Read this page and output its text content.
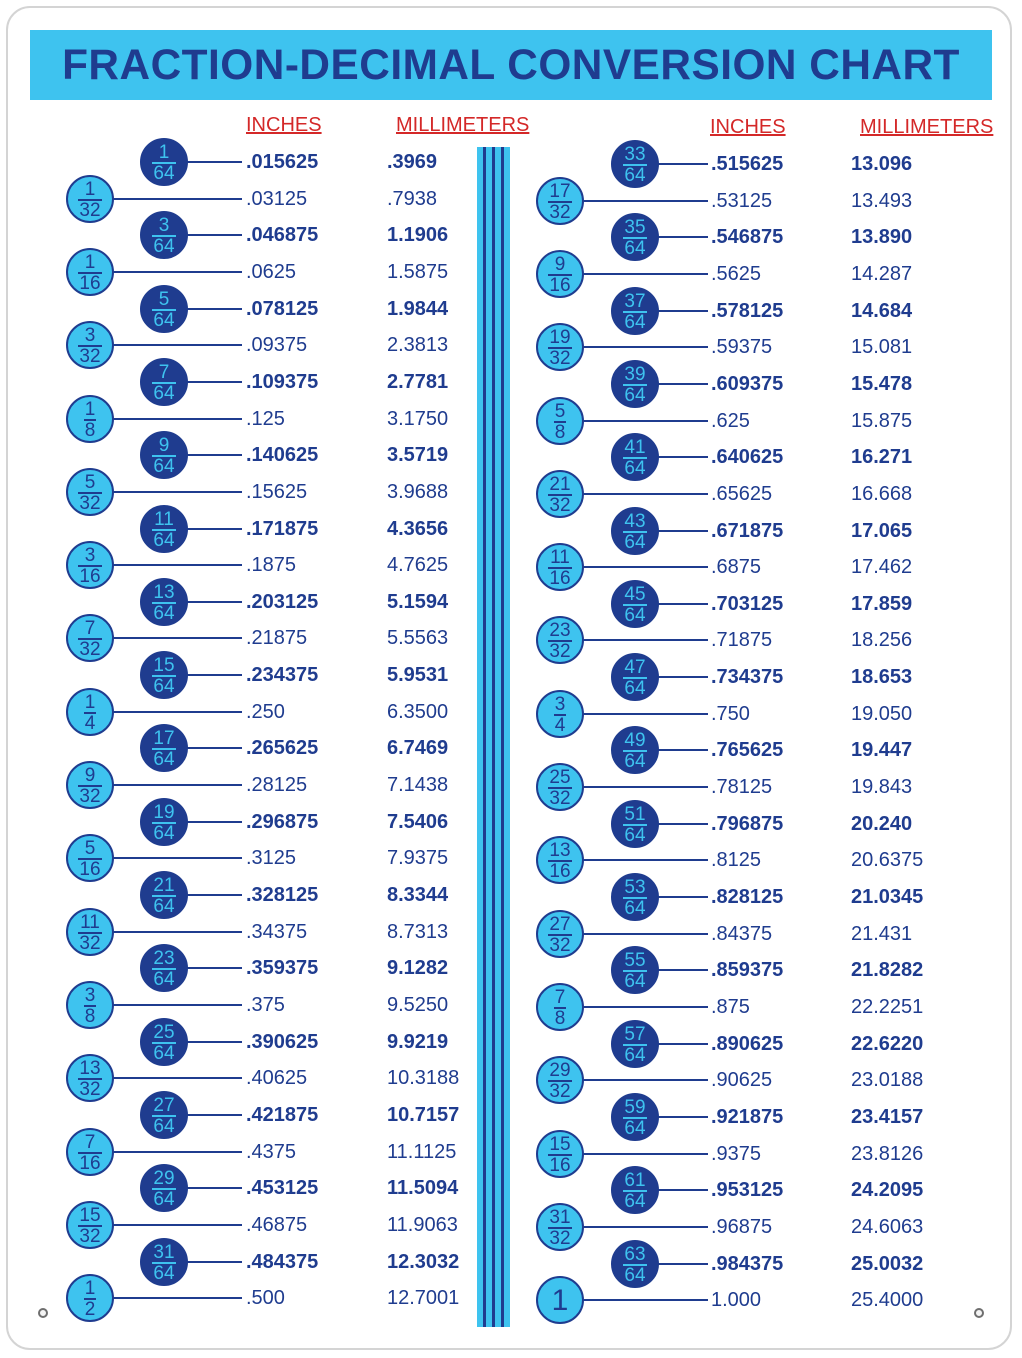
FRACTION-DECIMAL CONVERSION CHART
INCHES	MILLIMETERS	INCHES	MILLIMETERS
$\frac{1}{64}$	.015625	.3969
$\frac{1}{32}$	.03125	.7938
$\frac{3}{64}$	.046875	1.1906
$\frac{1}{16}$	.0625	1.5875
$\frac{5}{64}$	.078125	1.9844
$\frac{3}{32}$	.09375	2.3813
$\frac{7}{64}$	.109375	2.7781
$\frac{1}{8}$	.125	3.1750
$\frac{9}{64}$	.140625	3.5719
$\frac{5}{32}$	.15625	3.9688
$\frac{11}{64}$	.171875	4.3656
$\frac{3}{16}$	.1875	4.7625
$\frac{13}{64}$	.203125	5.1594
$\frac{7}{32}$	.21875	5.5563
$\frac{15}{64}$	.234375	5.9531
$\frac{1}{4}$	.250	6.3500
$\frac{17}{64}$	.265625	6.7469
$\frac{9}{32}$	.28125	7.1438
$\frac{19}{64}$	.296875	7.5406
$\frac{5}{16}$	.3125	7.9375
$\frac{21}{64}$	.328125	8.3344
$\frac{11}{32}$	.34375	8.7313
$\frac{23}{64}$	.359375	9.1282
$\frac{3}{8}$	.375	9.5250
$\frac{25}{64}$	.390625	9.9219
$\frac{13}{32}$	.40625	10.3188
$\frac{27}{64}$	.421875	10.7157
$\frac{7}{16}$	.4375	11.1125
$\frac{29}{64}$	.453125	11.5094
$\frac{15}{32}$	.46875	11.9063
$\frac{31}{64}$	.484375	12.3032
$\frac{1}{2}$	.500	12.7001
$\frac{33}{64}$	.515625	13.096
$\frac{17}{32}$	.53125	13.493
$\frac{35}{64}$	.546875	13.890
$\frac{9}{16}$	.5625	14.287
$\frac{37}{64}$	.578125	14.684
$\frac{19}{32}$	.59375	15.081
$\frac{39}{64}$	.609375	15.478
$\frac{5}{8}$	.625	15.875
$\frac{41}{64}$	.640625	16.271
$\frac{21}{32}$	.65625	16.668
$\frac{43}{64}$	.671875	17.065
$\frac{11}{16}$	.6875	17.462
$\frac{45}{64}$	.703125	17.859
$\frac{23}{32}$	.71875	18.256
$\frac{47}{64}$	.734375	18.653
$\frac{3}{4}$	.750	19.050
$\frac{49}{64}$	.765625	19.447
$\frac{25}{32}$	.78125	19.843
$\frac{51}{64}$	.796875	20.240
$\frac{13}{16}$	.8125	20.6375
$\frac{53}{64}$	.828125	21.0345
$\frac{27}{32}$	.84375	21.431
$\frac{55}{64}$	.859375	21.8282
$\frac{7}{8}$	.875	22.2251
$\frac{57}{64}$	.890625	22.6220
$\frac{29}{32}$	.90625	23.0188
$\frac{59}{64}$	.921875	23.4157
$\frac{15}{16}$	.9375	23.8126
$\frac{61}{64}$	.953125	24.2095
$\frac{31}{32}$	.96875	24.6063
$\frac{63}{64}$	.984375	25.0032
1	1.000	25.4000
